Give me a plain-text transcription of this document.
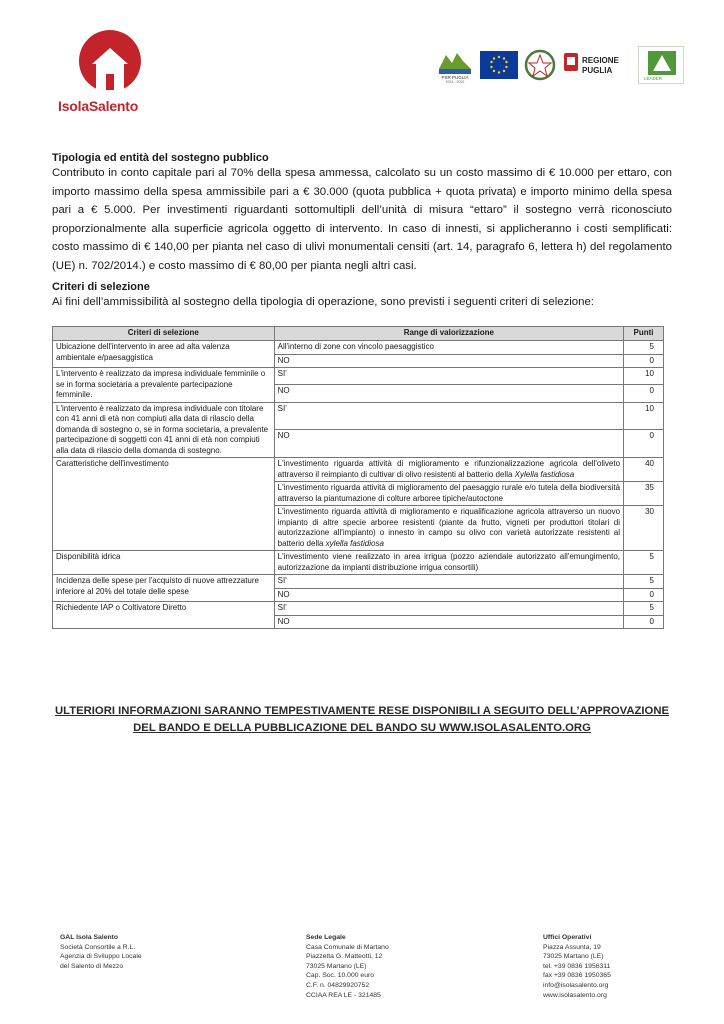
IsolaSalento
PSR PUGLIA
2014 - 2020
REGIONE
PUGLIA
LEADER
Tipologia ed entità del sostegno pubblico
Contributo in conto capitale pari al 70% della spesa ammessa, calcolato su un costo massimo di € 10.000 per ettaro, con importo massimo della spesa ammissibile pari a € 30.000 (quota pubblica + quota privata) e importo minimo della spesa pari a € 5.000. Per investimenti riguardanti sottomultipli dell’unità di misura “ettaro” il sostegno verrà riconosciuto proporzionalmente alla superficie agricola oggetto di intervento. In caso di innesti, si applicheranno i costi semplificati: costo massimo di € 140,00 per pianta nel caso di ulivi monumentali censiti (art. 14, paragrafo 6, lettera h) del regolamento (UE) n. 702/2014.) e costo massimo di € 80,00 per pianta negli altri casi.
Criteri di selezione
Ai fini dell’ammissibilità al sostegno della tipologia di operazione, sono previsti i seguenti criteri di selezione:
Criteri di selezione	Range di valorizzazione	Punti
Ubicazione dell'intervento in aree ad alta valenza ambientale e/paesaggistica	All'interno di zone con vincolo paesaggistico	5
	NO	0
L'intervento è realizzato da impresa individuale femminile o se in forma societaria a prevalente partecipazione femminile.	SI'	10
	NO	0
L'intervento è realizzato da impresa individuale con titolare con 41 anni di età non compiuti alla data di rilascio della domanda di sostegno o, se in forma societaria, a prevalente partecipazione di soggetti con 41 anni di età non compiuti alla data di rilascio della domanda di sostegno.	SI'	10
	NO	0
Caratteristiche dell'investimento	L'investimento riguarda attività di miglioramento e rifunzionalizzazione agricola dell'oliveto attraverso il reimpianto di cultivar di olivo resistenti al batterio della Xylella fastidiosa	40
	L'investimento riguarda attività di miglioramento del paesaggio rurale e/o tutela della biodiversità attraverso la piantumazione di colture arboree tipiche/autoctone	35
	L'investimento riguarda attività di miglioramento e riqualificazione agricola attraverso un nuovo impianto di altre specie arboree resistenti (piante da frutto, vigneti per produttori titolari di autorizzazione all'impianto) o innesto in campo su olivo con varietà autorizzate resistenti al batterio della xylella fastidiosa	30
Disponibilità idrica	L'investimento viene realizzato in area irrigua (pozzo aziendale autorizzato all'emungimento, autorizzazione da impianti distribuzione irrigua consortili)	5
Incidenza delle spese per l'acquisto di nuove attrezzature inferiore al 20% del totale delle spese	SI'	5
	NO	0
Richiedente IAP o Coltivatore Diretto	SI'	5
	NO	0
ULTERIORI INFORMAZIONI SARANNO TEMPESTIVAMENTE RESE DISPONIBILI A SEGUITO DELL’APPROVAZIONE DEL BANDO E DELLA PUBBLICAZIONE DEL BANDO SU WWW.ISOLASALENTO.ORG
GAL Isola Salento
Società Consortile a R.L.
Agenzia di Sviluppo Locale
del Salento di Mezzo
Sede Legale
Casa Comunale di Martano
Piazzetta G. Matteotti, 12
73025 Martano (LE)
Cap. Soc. 10.000 euro
C.F. n. 04829920752
CCIAA REA LE - 321485
Uffici Operativi
Piazza Assunta, 19
73025 Martano (LE)
tel. +39 0836 1956311
fax +39 0836 1950365
info@isolasalento.org
www.isolasalento.org
